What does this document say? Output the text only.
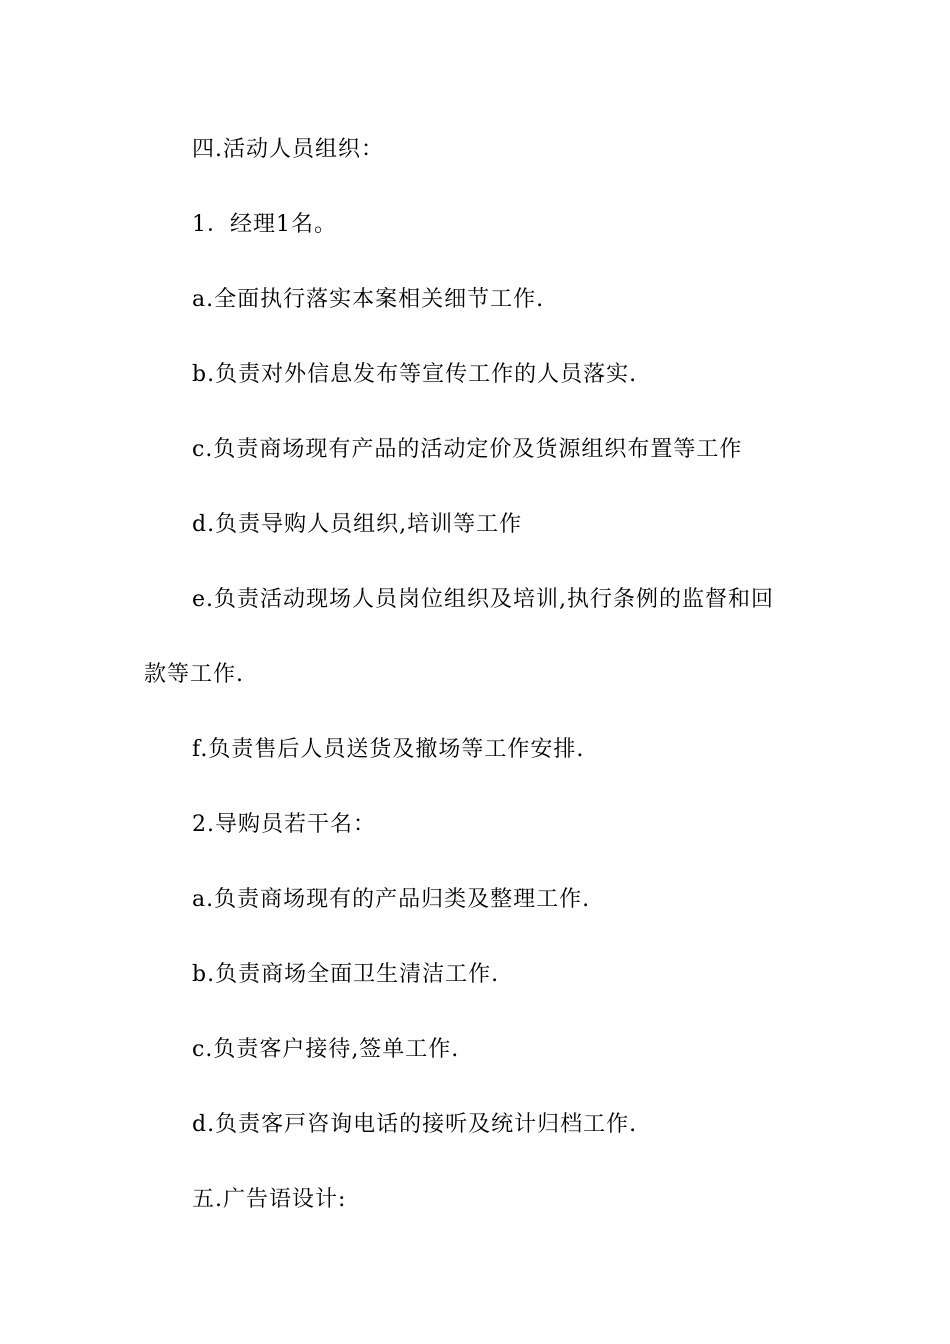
四.活动人员组织：

1．经理1名。

a.全面执行落实本案相关细节工作.

b.负责对外信息发布等宣传工作的人员落实.

c.负责商场现有产品的活动定价及货源组织布置等工作

d.负责导购人员组织,培训等工作

e.负责活动现场人员岗位组织及培训,执行条例的监督和回

款等工作.

f.负责售后人员送货及撤场等工作安排.

2.导购员若干名：

a.负责商场现有的产品归类及整理工作.

b.负责商场全面卫生清洁工作.

c.负责客户接待,签单工作.

d.负责客戸咨询电话的接听及统计归档工作.

五.广告语设计:
